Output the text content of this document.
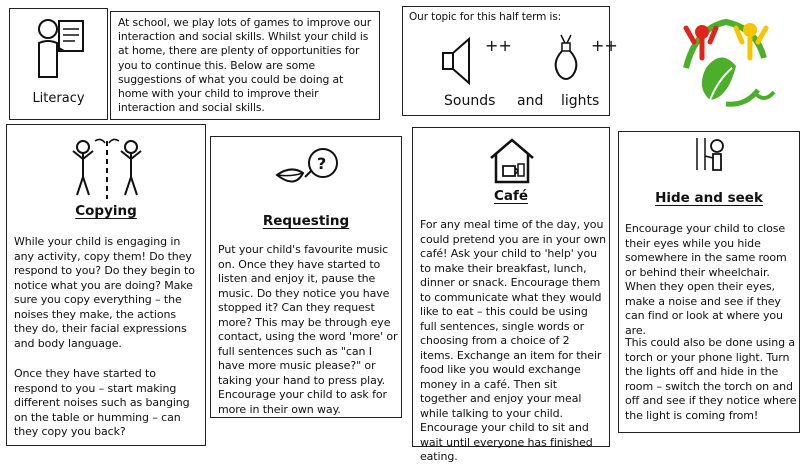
Literacy
At school, we play lots of games to improve our interaction and social skills. Whilst your child is at home, there are plenty of opportunities for you to continue this. Below are some suggestions of what you could be doing at home with your child to improve their interaction and social skills.
Our topic for this half term is:
++	++
Sounds and lights
Copying
While your child is engaging in any activity, copy them! Do they respond to you? Do they begin to notice what you are doing? Make sure you copy everything – the noises they make, the actions they do, their facial expressions and body language.
Once they have started to respond to you – start making different noises such as banging on the table or humming – can they copy you back?
?
Requesting
Put your child's favourite music on. Once they have started to listen and enjoy it, pause the music. Do they notice you have stopped it? Can they request more? This may be through eye contact, using the word 'more' or full sentences such as "can I have more music please?" or taking your hand to press play. Encourage your child to ask for more in their own way.
Café
For any meal time of the day, you could pretend you are in your own café! Ask your child to 'help' you to make their breakfast, lunch, dinner or snack. Encourage them to communicate what they would like to eat – this could be using full sentences, single words or choosing from a choice of 2 items. Exchange an item for their food like you would exchange money in a café. Then sit together and enjoy your meal while talking to your child. Encourage your child to sit and wait until everyone has finished eating.
Hide and seek
Encourage your child to close their eyes while you hide somewhere in the same room or behind their wheelchair. When they open their eyes, make a noise and see if they can find or look at where you are.
This could also be done using a torch or your phone light. Turn the lights off and hide in the room – switch the torch on and off and see if they notice where the light is coming from!
